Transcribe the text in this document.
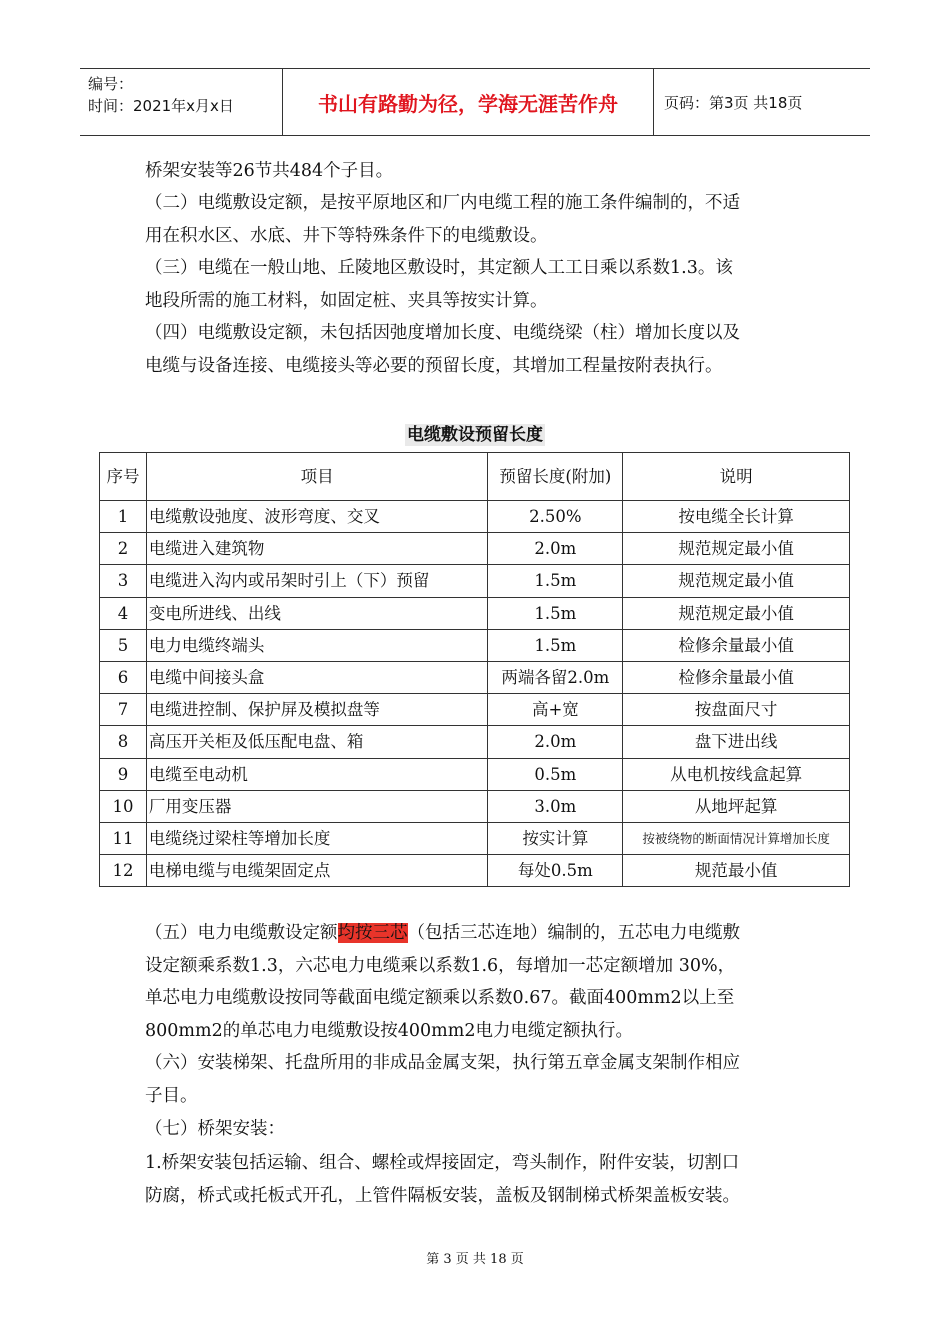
编号：
时间：2021年x月x日	书山有路勤为径，学海无涯苦作舟	页码：第3页 共18页
桥架安装等26节共484个子目。
（二）电缆敷设定额，是按平原地区和厂内电缆工程的施工条件编制的，不适
用在积水区、水底、井下等特殊条件下的电缆敷设。
（三）电缆在一般山地、丘陵地区敷设时，其定额人工工日乘以系数1.3。该
地段所需的施工材料，如固定桩、夹具等按实计算。
（四）电缆敷设定额，未包括因弛度增加长度、电缆绕梁（柱）增加长度以及
电缆与设备连接、电缆接头等必要的预留长度，其增加工程量按附表执行。
电缆敷设预留长度
序号	项目	预留长度(附加)	说明
1	电缆敷设弛度、波形弯度、交叉	2.50%	按电缆全长计算
2	电缆进入建筑物	2.0m	规范规定最小值
3	电缆进入沟内或吊架时引上（下）预留	1.5m	规范规定最小值
4	变电所进线、出线	1.5m	规范规定最小值
5	电力电缆终端头	1.5m	检修余量最小值
6	电缆中间接头盒	两端各留2.0m	检修余量最小值
7	电缆进控制、保护屏及模拟盘等	高+宽	按盘面尺寸
8	高压开关柜及低压配电盘、箱	2.0m	盘下进出线
9	电缆至电动机	0.5m	从电机按线盒起算
10	厂用变压器	3.0m	从地坪起算
11	电缆绕过梁柱等增加长度	按实计算	按被绕物的断面情况计算增加长度
12	电梯电缆与电缆架固定点	每处0.5m	规范最小值
（五）电力电缆敷设定额均按三芯（包括三芯连地）编制的，五芯电力电缆敷
设定额乘系数1.3，六芯电力电缆乘以系数1.6，每增加一芯定额增加 30%，
单芯电力电缆敷设按同等截面电缆定额乘以系数0.67。截面400mm2以上至
800mm2的单芯电力电缆敷设按400mm2电力电缆定额执行。
（六）安装梯架、托盘所用的非成品金属支架，执行第五章金属支架制作相应
子目。
（七）桥架安装：
1.桥架安装包括运输、组合、螺栓或焊接固定，弯头制作，附件安装，切割口
防腐，桥式或托板式开孔，上管件隔板安装，盖板及钢制梯式桥架盖板安装。
第 3 页 共 18 页
